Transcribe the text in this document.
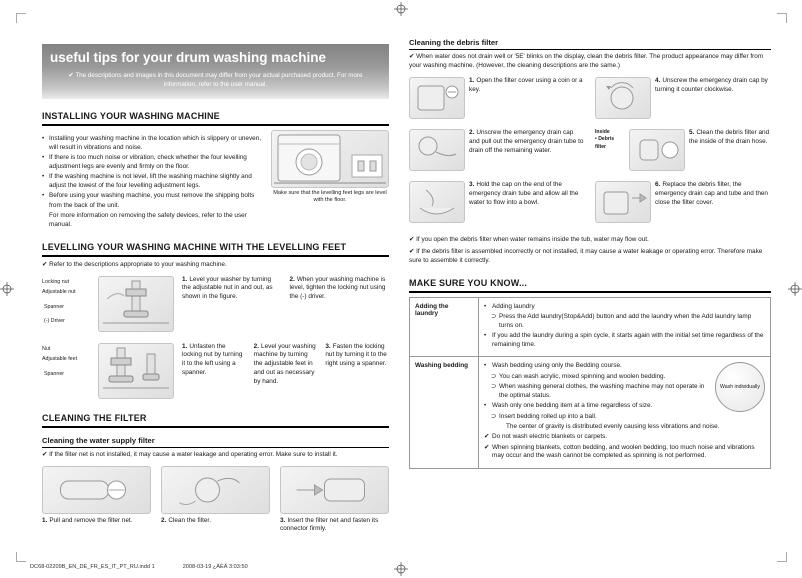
useful tips for your drum washing machine
✔ The descriptions and images in this document may differ from your actual purchased product. For more information, refer to the user manual.
INSTALLING YOUR WASHING MACHINE
• Installing your washing machine in the location which is slippery or uneven, will result in vibrations and noise.
• If there is too much noise or vibration, check whether the four levelling adjustment legs are evenly and firmly on the floor.
• If the washing machine is not level, lift the washing machine slightly and adjust the lowest of the four levelling adjustment legs.
• Before using your washing machine, you must remove the shipping bolts from the back of the unit.
For more information on removing the safety devices, refer to the user manual.
Make sure that the levelling feet legs are level with the floor.
LEVELLING YOUR WASHING MACHINE WITH THE LEVELLING FEET
✔ Refer to the descriptions appropriate to your washing machine.
Locking nut
Adjustable nut
Spanner
(-) Driver
1. Level your washer by turning the adjustable nut in and out, as shown in the figure.
2. When your washing machine is level, tighten the locking nut using the (-) driver.
Nut
Adjustable feet
Spanner
1. Unfasten the locking nut by turning it to the left using a spanner.
2. Level your washing machine by turning the adjustable feet in and out as necessary by hand.
3. Fasten the locking nut by turning it to the right using a spanner.
CLEANING THE FILTER
Cleaning the water supply filter
✔ If the filter net is not installed, it may cause a water leakage and operating error. Make sure to install it.
1. Pull and remove the filter net.	2. Clean the filter.	3. Insert the filter net and fasten its connector firmly.
Cleaning the debris filter
✔ When water does not drain well or '5E' blinks on the display, clean the debris filter. The product appearance may differ from your washing machine. (However, the cleaning descriptions are the same.)
1. Open the filter cover using a coin or a key.
2. Unscrew the emergency drain cap and pull out the emergency drain tube to drain off the remaining water.
3. Hold the cap on the end of the emergency drain tube and allow all the water to flow into a bowl.
4. Unscrew the emergency drain cap by turning it counter clockwise.
Inside
• Debris filter
5. Clean the debris filter and the inside of the drain hose.
6. Replace the debris filter, the emergency drain cap and tube and then close the filter cover.
✔ If you open the debris filter when water remains inside the tub, water may flow out.
✔ If the debris filter is assembled incorrectly or not installed, it may cause a water leakage or operating error. Therefore make sure to assemble it correctly.
MAKE SURE YOU KNOW...
Adding the laundry	
• Adding laundry
⊃ Press the Add laundry(Stop&Add) button and add the laundry when the Add laundry lamp turns on.
• If you add the laundry during a spin cycle, it starts again with the initial set time regardless of the remaining time.

Washing bedding	
Wash individually
• Wash bedding using only the Bedding course.
⊃ You can wash acrylic, mixed spinning and woolen bedding.
⊃ When washing general clothes, the washing machine may not operate in the optimal status.
• Wash only one bedding item at a time regardless of size.
⊃ Insert bedding rolled up into a ball.
The center of gravity is distributed evenly causing less vibrations and noise.
✔ Do not wash electric blankets or carpets.
✔ When spinning blankets, cotton bedding, and woolen bedding, too much noise and vibrations may occur and the wash cannot be completed as spinning is not performed.
DC68-02209B_EN_DE_FR_ES_IT_PT_RU.indd 1	2008-03-19 ¿ÀÈÄ 3:03:50
